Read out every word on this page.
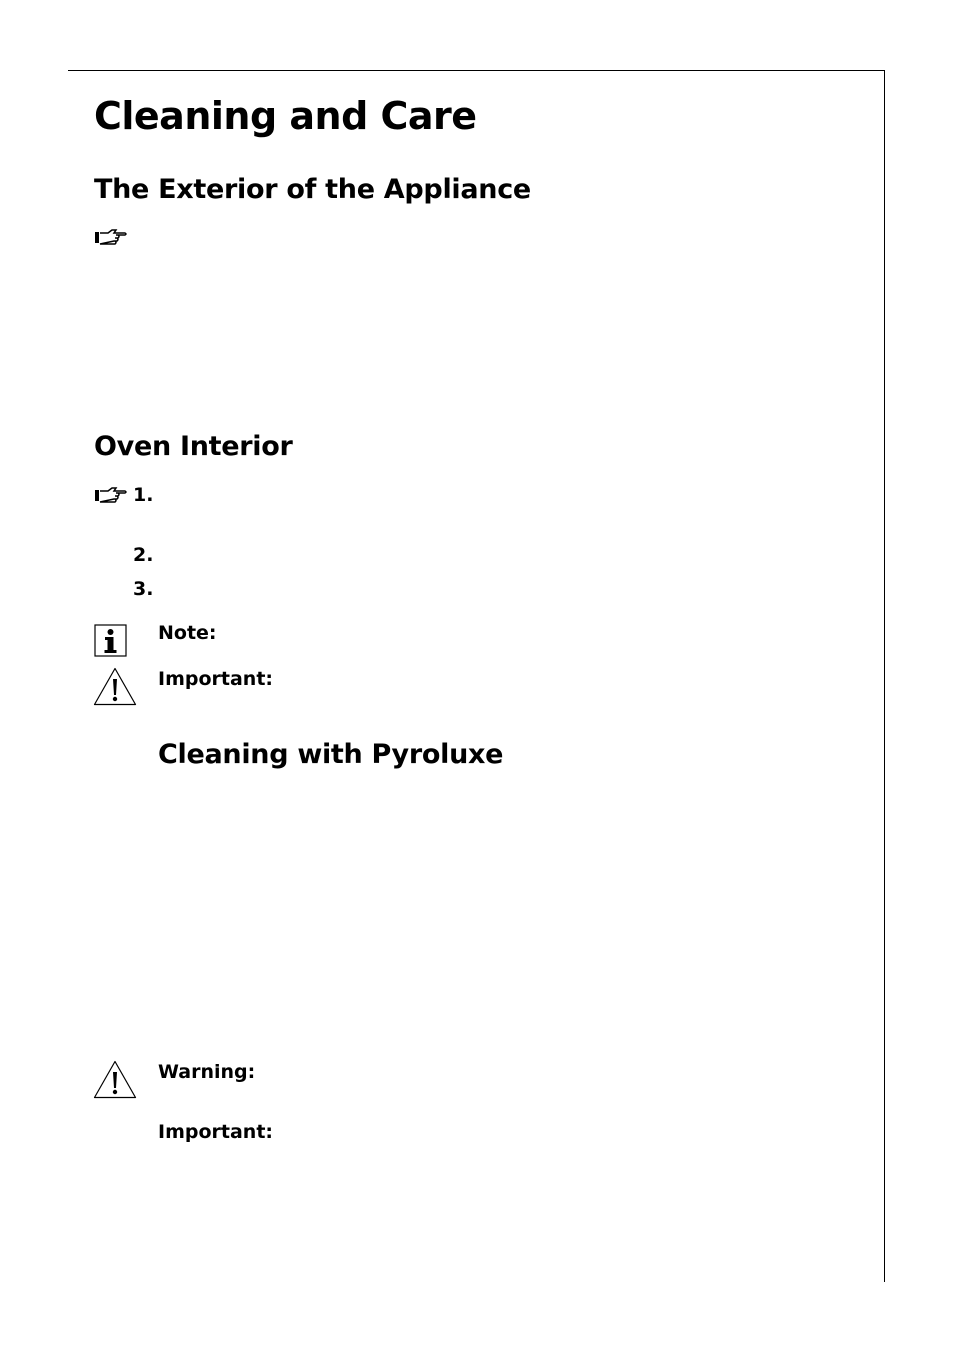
Cleaning and Care
The Exterior of the Appliance
Oven Interior
1.
2.
3.
Note:
Important:
Cleaning with Pyroluxe
Warning:
Important:
